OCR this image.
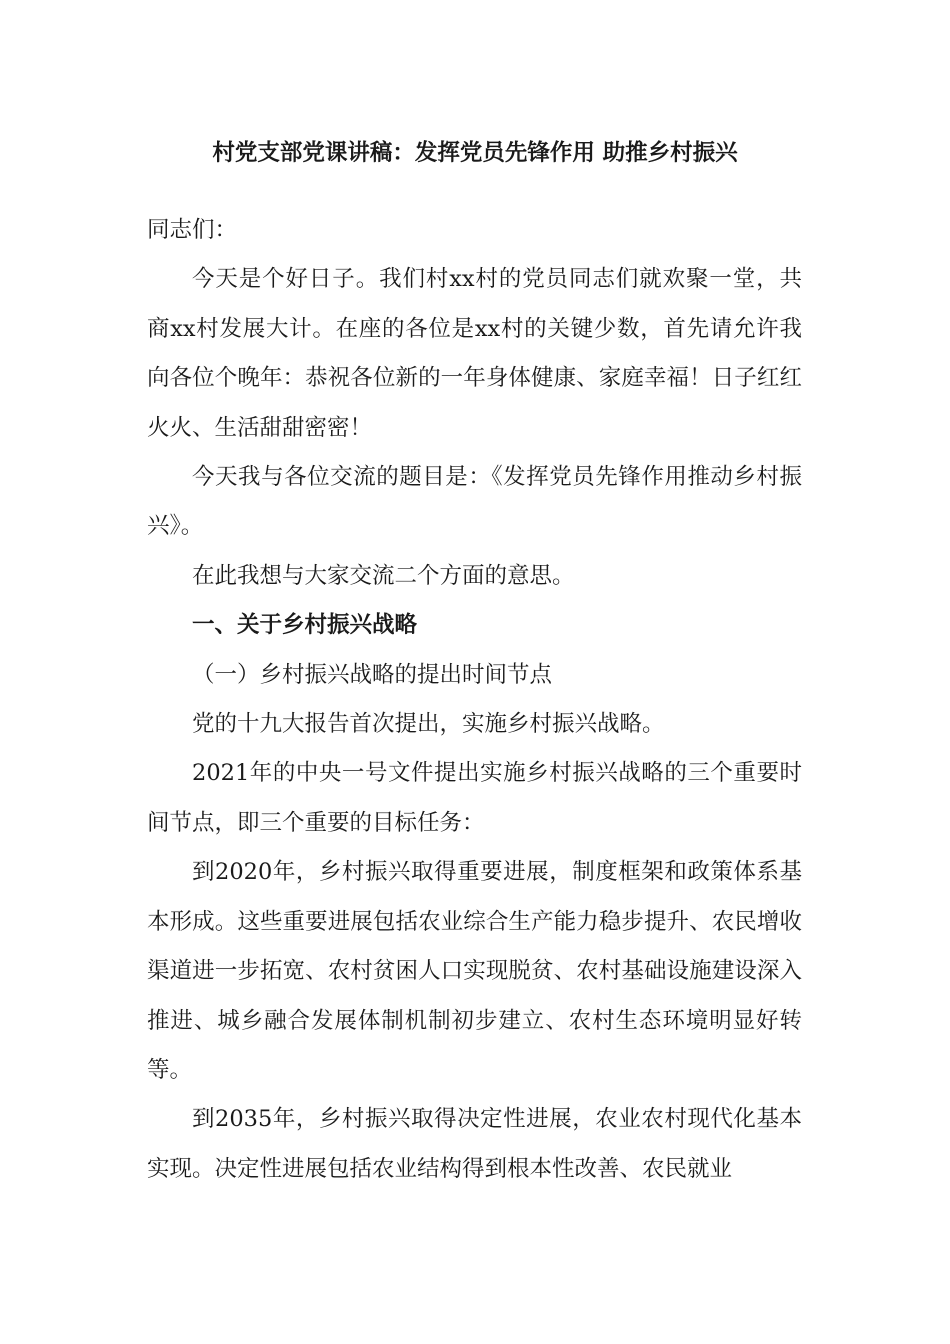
村党支部党课讲稿：发挥党员先锋作用 助推乡村振兴

同志们：

今天是个好日子。我们村xx村的党员同志们就欢聚一堂，共商xx村发展大计。在座的各位是xx村的关键少数，首先请允许我向各位个晚年：恭祝各位新的一年身体健康、家庭幸福！日子红红火火、生活甜甜密密！

今天我与各位交流的题目是：《发挥党员先锋作用推动乡村振兴》。

在此我想与大家交流二个方面的意思。

一、关于乡村振兴战略

（一）乡村振兴战略的提出时间节点

党的十九大报告首次提出，实施乡村振兴战略。

2021年的中央一号文件提出实施乡村振兴战略的三个重要时间节点，即三个重要的目标任务：

到2020年，乡村振兴取得重要进展，制度框架和政策体系基本形成。这些重要进展包括农业综合生产能力稳步提升、农民增收渠道进一步拓宽、农村贫困人口实现脱贫、农村基础设施建设深入推进、城乡融合发展体制机制初步建立、农村生态环境明显好转等。

到2035年，乡村振兴取得决定性进展，农业农村现代化基本实现。决定性进展包括农业结构得到根本性改善、农民就业
